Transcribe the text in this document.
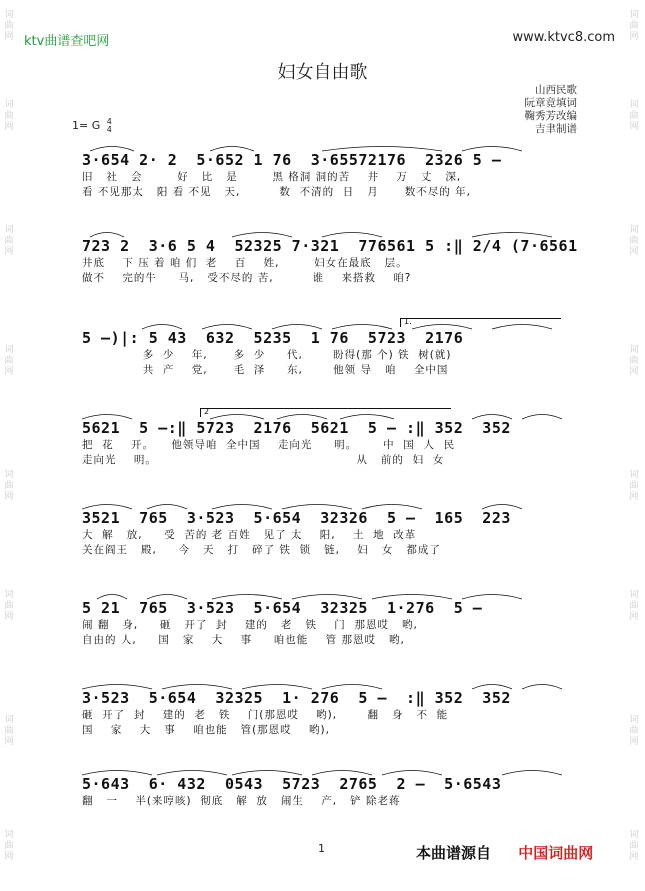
ktv曲谱查吧网	www.ktvc8.com
妇女自由歌
山西民歌
阮章竟填词
鞠秀芳改编
吉聿制谱
1= G 4
4
词
曲
网
词
曲
网
词
曲
网
词
曲
网
词
曲
网
词
曲
网
词
曲
网
词
曲
网
词
曲
网
词
曲
网
词
曲
网
词
曲
网
词
曲
网
词
曲
网
词
曲
网
词
曲
网
3·654 2· 2  5·652 1 76  3·65572176  2326 5 —
旧   社   会        好   比   是        黑 格洞 洞的苦    井    万   丈   深,
看 不见那太   阳 看 不见   天,         数  不清的  日   月      数不尽的 年,
723 2  3·6 5 4  52325 7·321  776561 5 :‖ 2/4 (7·6561
井底    下 压 着 咱 们  老    百    姓,        妇女在最底   层。
做不    完的牛     马,   受不尽的 苦,         谁    来搭救    咱?
1.
5 —)|: 5 43  632  5235  1 76  5723  2176
多  少    年,      多  少     代,       盼得(那 个) 铁  树(就)
共  产    党,      毛  泽     东,       他领 导   咱    全中国
2
5621  5 —:‖ 5723  2176  5621  5 — :‖ 352  352
把  花    开。    他领导咱  全中国    走向光     明。      中  国  人  民
走向光    明。                                              从   前的  妇  女
3521  765  3·523  5·654  32326  5 —  165  223
大  解   放,     受  苦的 老 百姓   见了 太    阳,    土  地  改革
关在阎王   殿,     今   天   打   碎了 铁  锁   链,    妇   女   都成了
5 21  765  3·523  5·654  32325  1·276  5 —
闹 翻   身,     砸   开了  封    建的   老   铁    门  那恩哎   哟,
自由的 人,     国   家    大    事     咱也能    管 那恩哎   哟,
3·523  5·654  32325  1· 276  5 —  :‖ 352  352
砸  开了  封    建的  老   铁    门(那恩哎    哟),       翻   身   不  能
国    家    大   事    咱也能   管(那恩哎    哟),
5·643  6· 432  0543  5723  2765  2 —  5·6543
翻   一    半(来哼咳)  彻底   解  放   闹生    产,   铲 除老蒋
1	本曲谱源自 中国词曲网
